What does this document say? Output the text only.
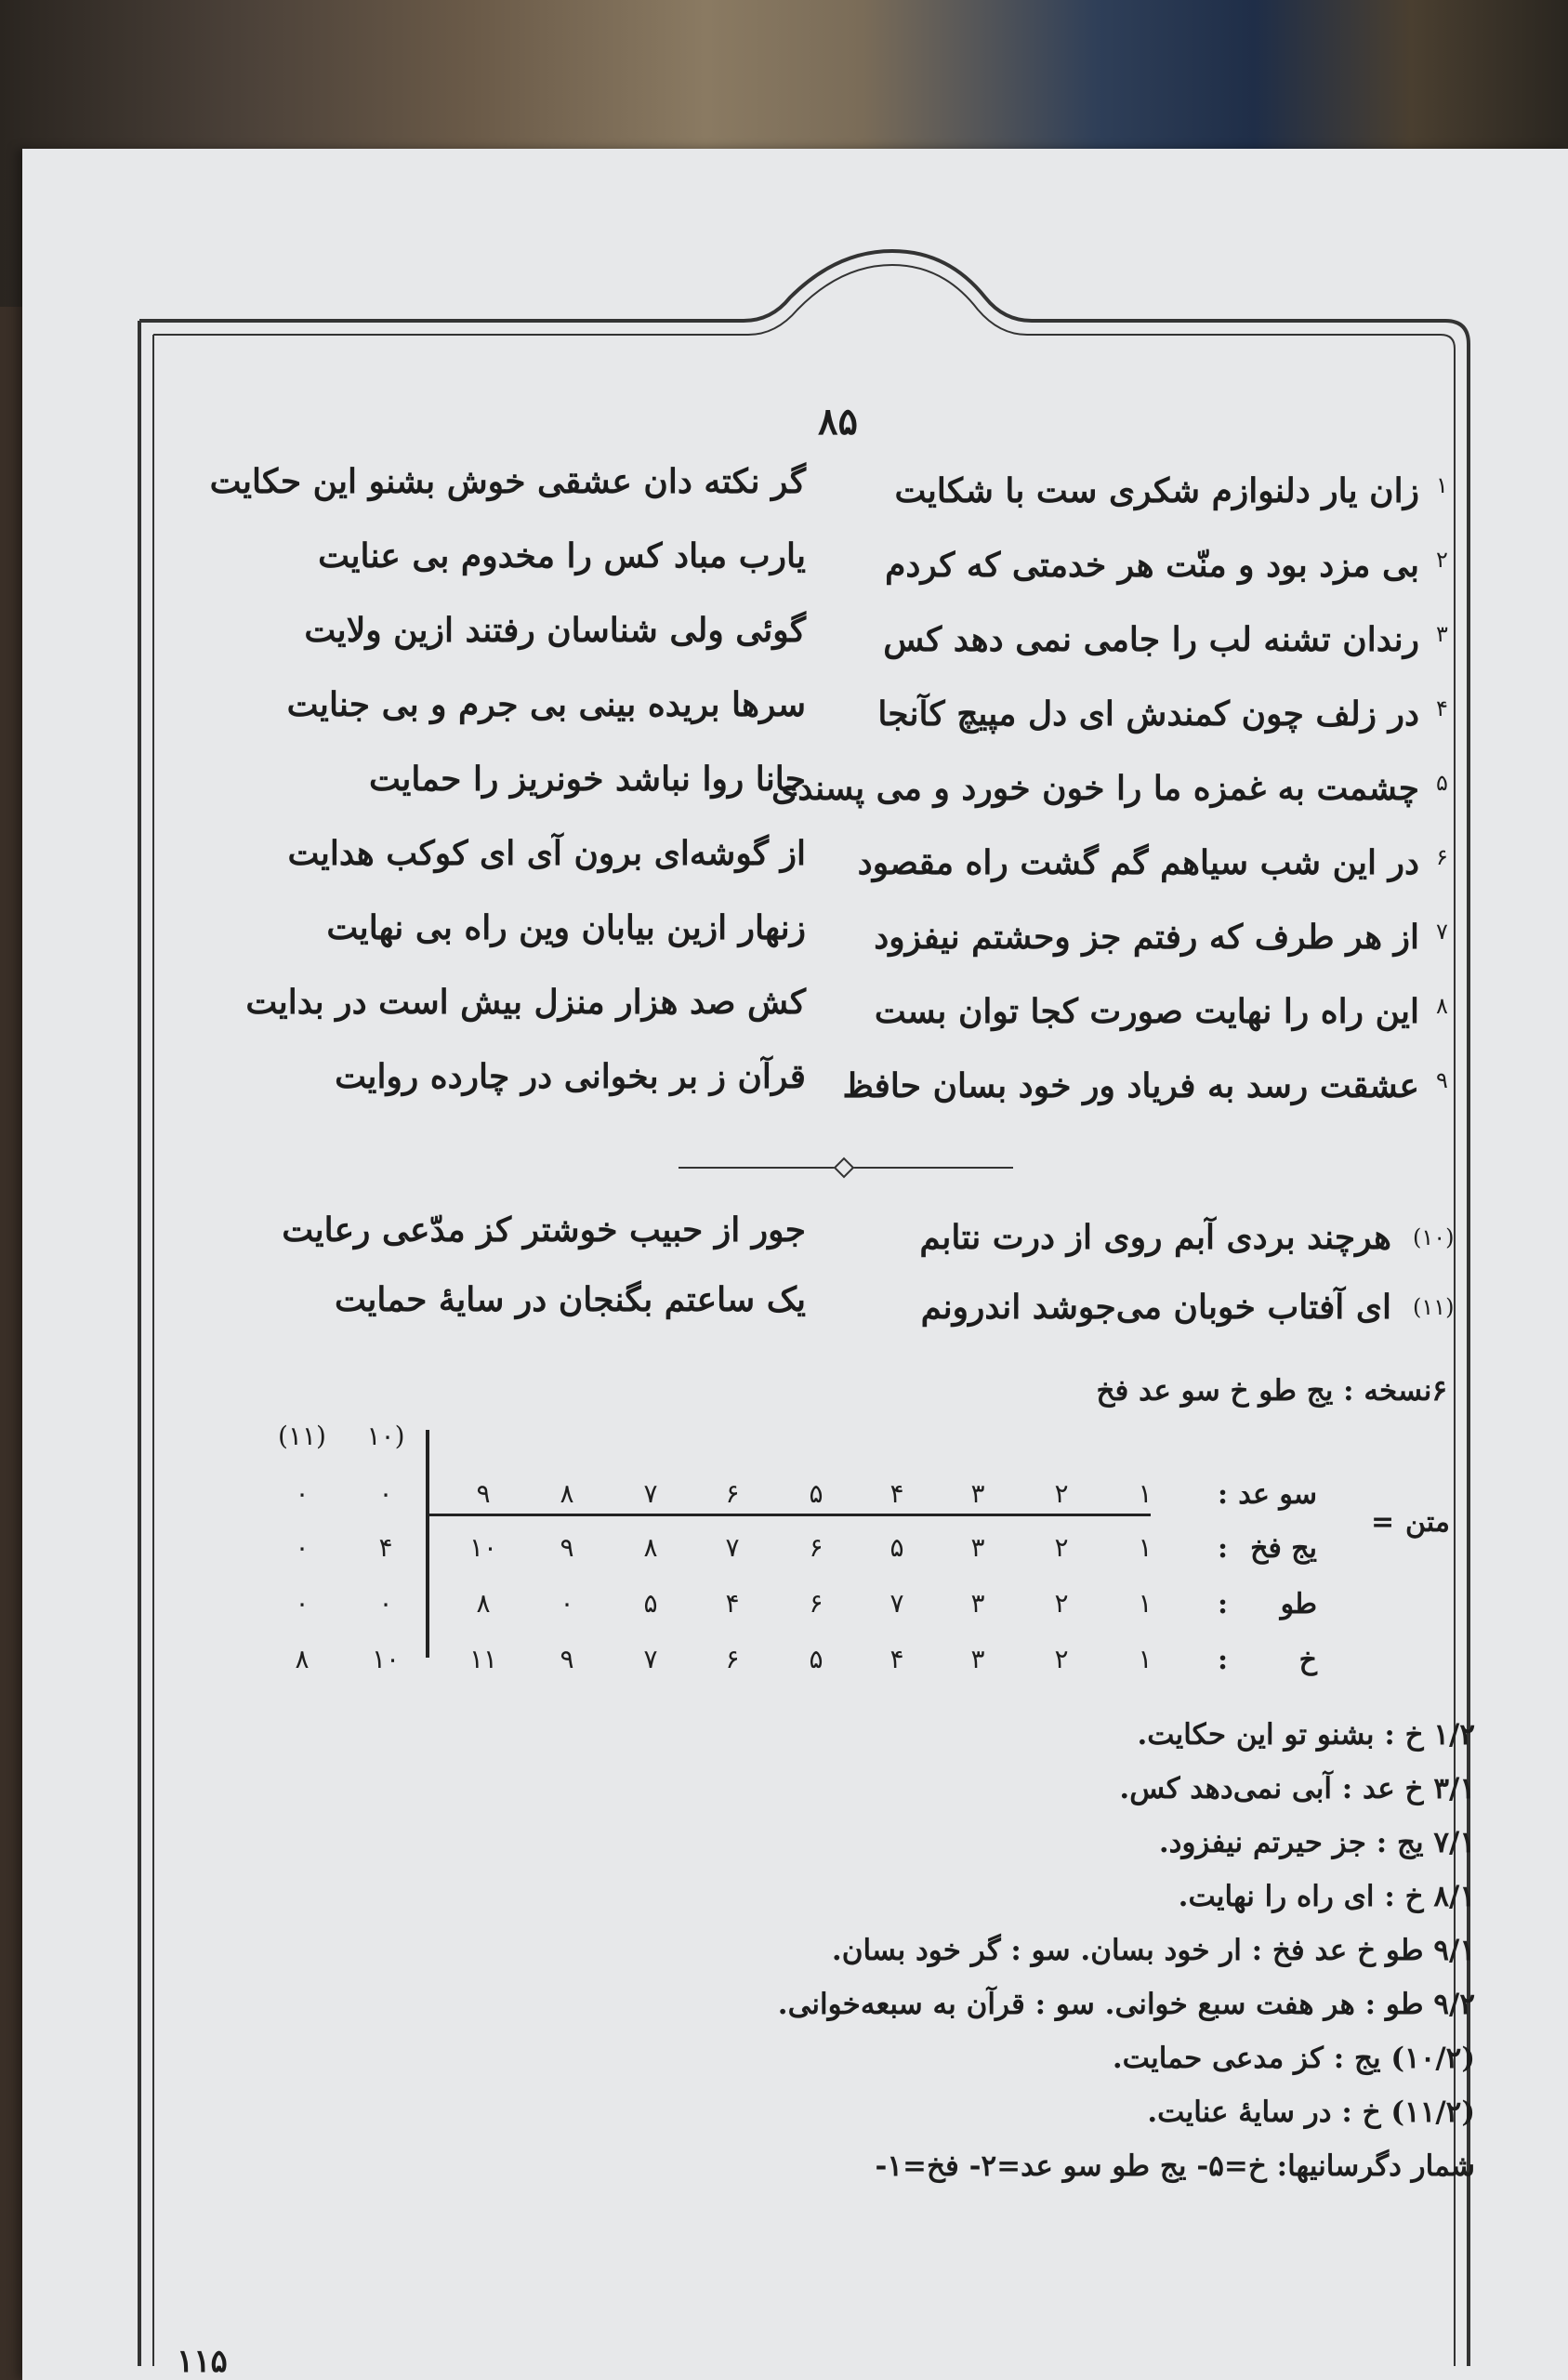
۸۵
۱
زان یار دلنوازم شکری ست با شکایت
گر نکته دان عشقی خوش بشنو این حکایت
۲
بی مزد بود و منّت هر خدمتی که کردم
یارب مباد کس را مخدوم بی عنایت
۳
رندان تشنه لب را جامی نمی دهد کس
گوئی ولی شناسان رفتند ازین ولایت
۴
در زلف چون کمندش ای دل مپیچ کآنجا
سرها بریده بینی بی جرم و بی جنایت
۵
چشمت به غمزه ما را خون خورد و می پسندی
جانا روا نباشد خونریز را حمایت
۶
در این شب سیاهم گم گشت راه مقصود
از گوشه‌ای برون آی ای کوکب هدایت
۷
از هر طرف که رفتم جز وحشتم نیفزود
زنهار ازین بیابان وین راه بی نهایت
۸
این راه را نهایت صورت کجا توان بست
کش صد هزار منزل بیش است در بدایت
۹
عشقت رسد به فریاد ور خود بسان حافظ
قرآن ز بر بخوانی در چارده روایت
(۱۰)
هرچند بردی آبم روی از درت نتابم
جور از حبیب خوشتر کز مدّعی رعایت
(۱۱)
ای آفتاب خوبان می‌جوشد اندرونم
یک ساعتم بگنجان در سایهٔ حمایت
۶نسخه : یج طو خ سو عد فخ
متن
=
(۱۰
(۱۱)
سو عد
:
۱
۲
۳
۴
۵
۶
۷
۸
۹
۰
۰
یج فخ
:
۱
۲
۳
۵
۶
۷
۸
۹
۱۰
۴
۰
طو
:
۱
۲
۳
۷
۶
۴
۵
۰
۸
۰
۰
خ
:
۱
۲
۳
۴
۵
۶
۷
۹
۱۱
۱۰
۸
۱/۲ خ : بشنو تو این حکایت.
۳/۱ خ عد : آبی نمی‌دهد کس.
۷/۱ یج : جز حیرتم نیفزود.
۸/۱ خ : ای راه را نهایت.
۹/۱ طو خ عد فخ : ار خود بسان. سو : گر خود بسان.
۹/۲ طو : هر هفت سبع خوانی. سو : قرآن به سبعه‌خوانی.
(۱۰/۲) یج : کز مدعی حمایت.
(۱۱/۲) خ : در سایهٔ عنایت.
شمار دگرسانیها: خ=۵- یج طو سو عد=۲- فخ=۱-
۱۱۵
